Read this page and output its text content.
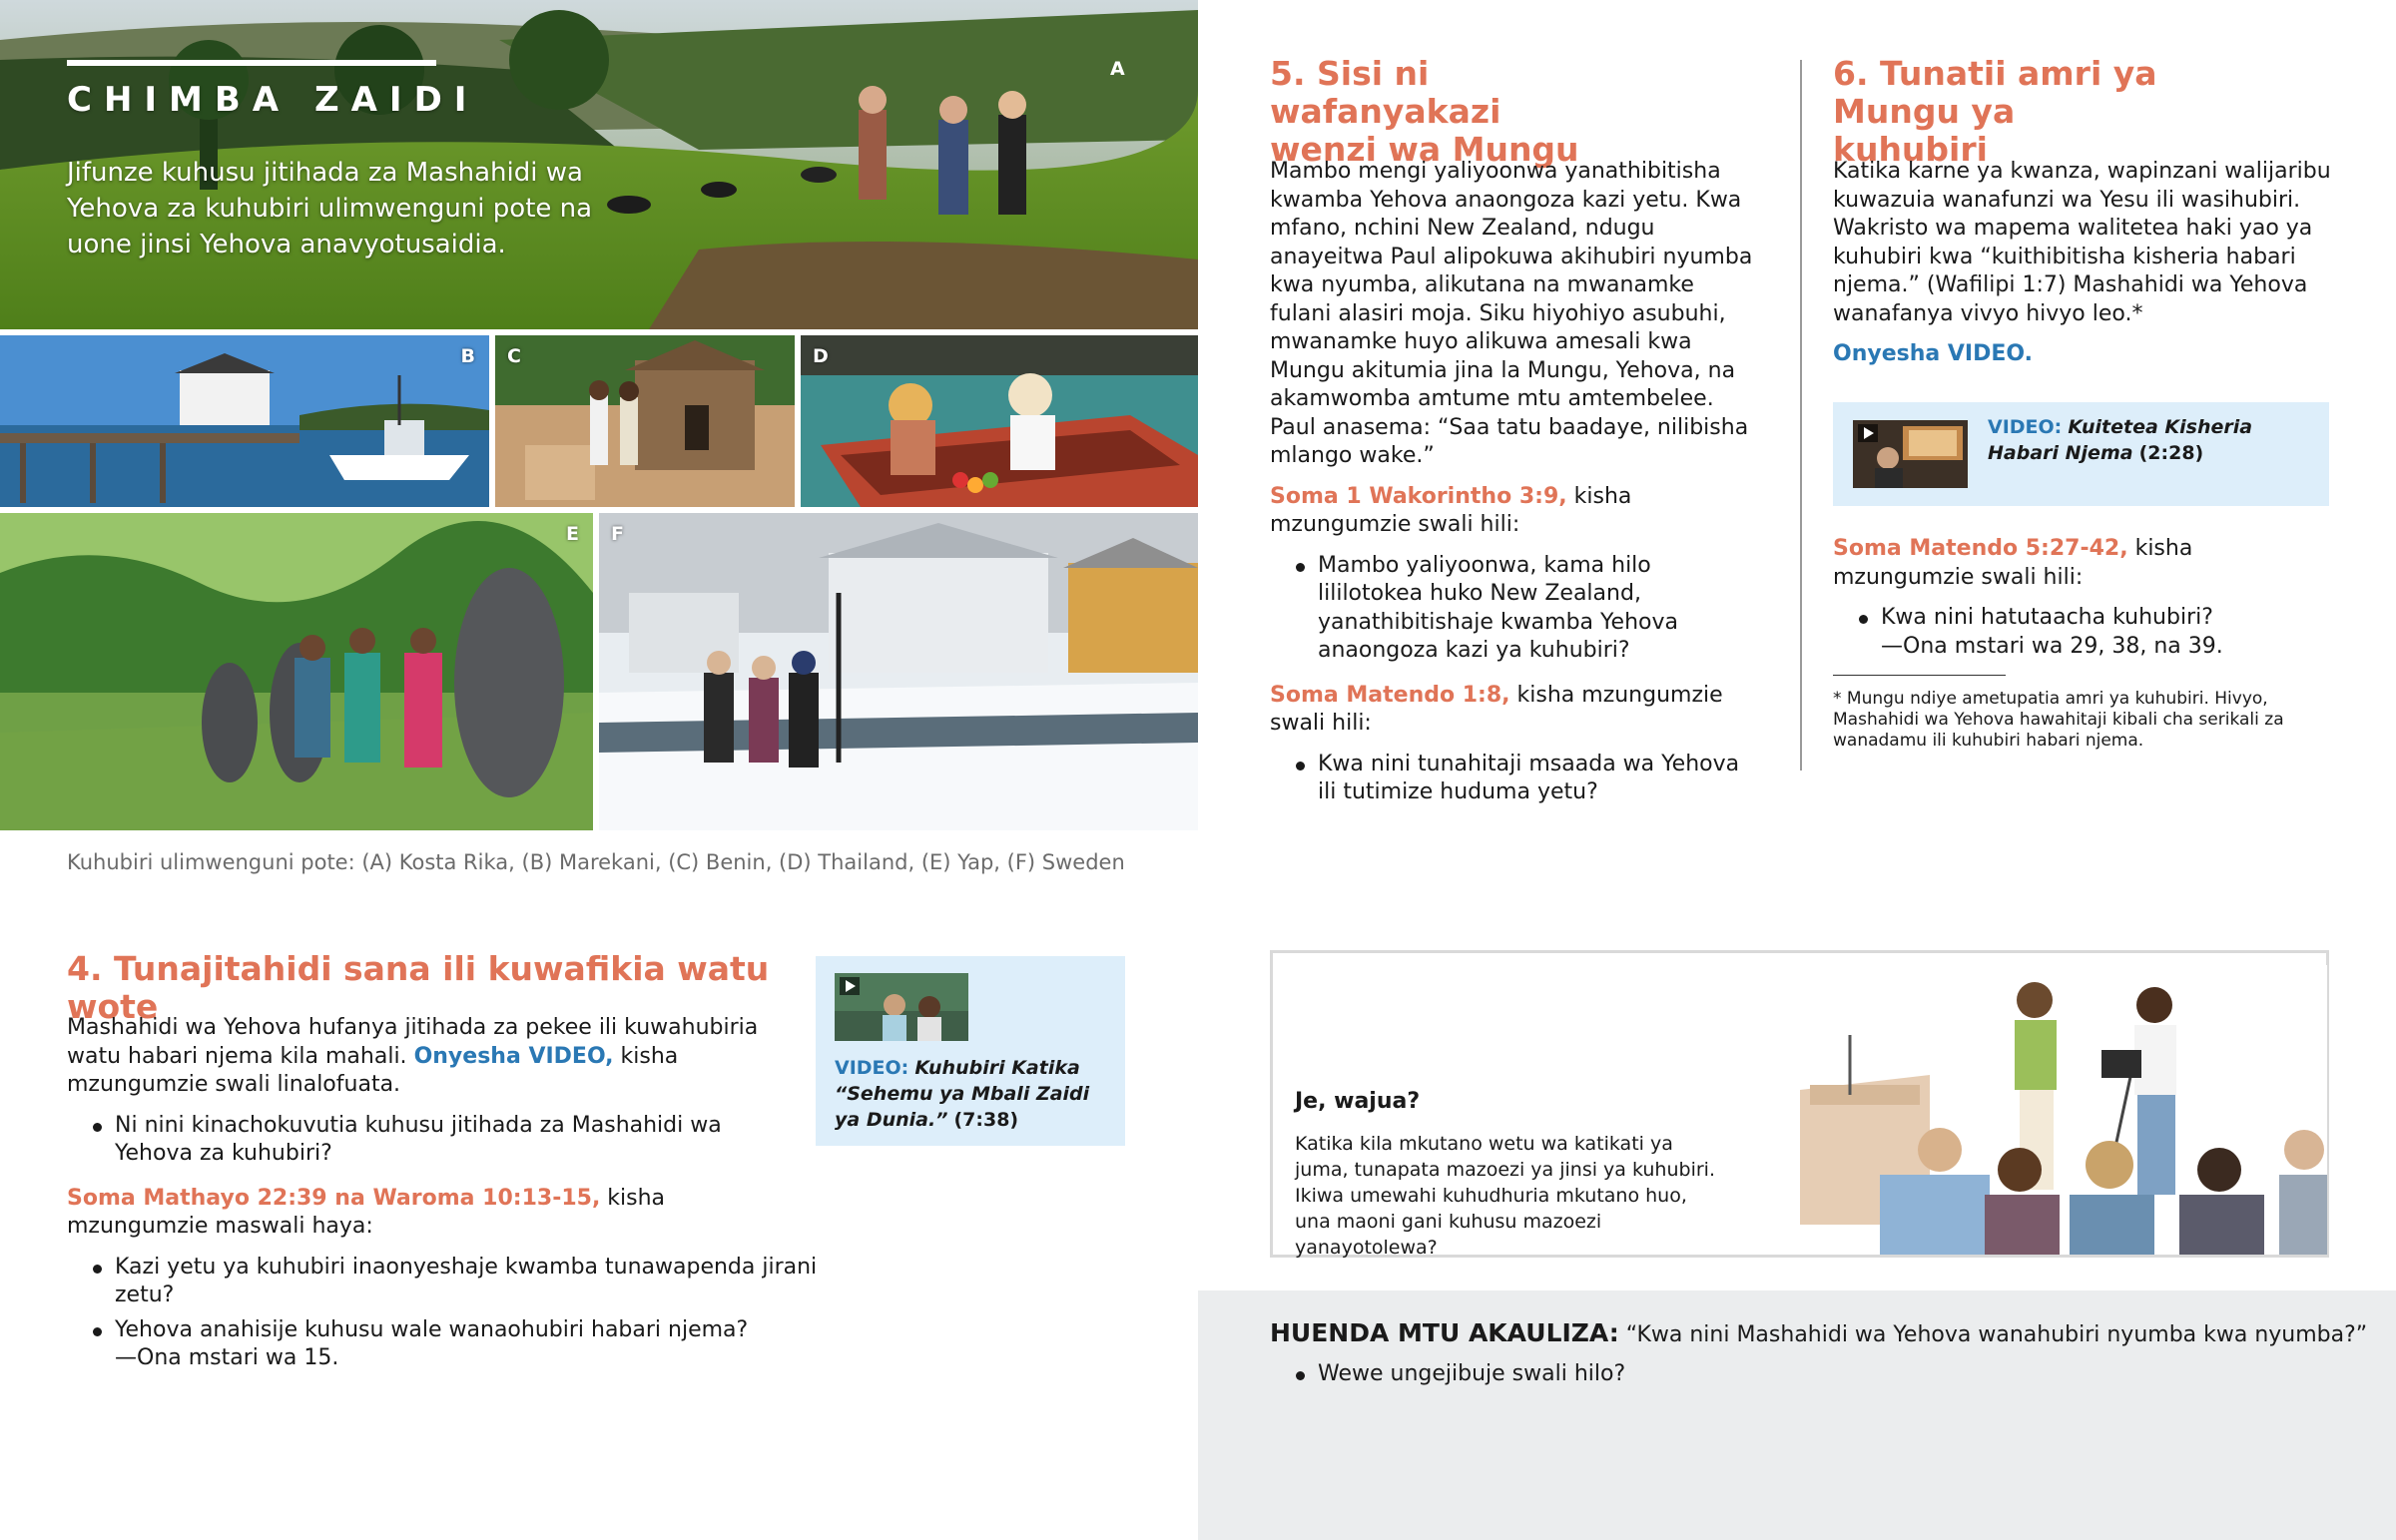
CHIMBA ZAIDI
Jifunze kuhusu jitihada za Mashahidi wa Yehova za kuhubiri ulimwenguni pote na uone jinsi Yehova anavyotusaidia.
A
B C	D
E F
Kuhubiri ulimwenguni pote: (A) Kosta Rika, (B) Marekani, (C) Benin, (D) Thailand, (E) Yap, (F) Sweden
4. Tunajitahidi sana ili kuwafikia watu wote

Mashahidi wa Yehova hufanya jitihada za pekee ili kuwahubiria watu habari njema kila mahali. Onyesha VIDEO, kisha mzungumzie swali linalofuata.

Ni nini kinachokuvutia kuhusu jitihada za Mashahidi wa Yehova za kuhubiri?

Soma Mathayo 22:39 na Waroma 10:13-15, kisha mzungumzie maswali haya:

Kazi yetu ya kuhubiri inaonyeshaje kwamba tunawapenda jirani zetu?
Yehova anahisije kuhusu wale wanaohubiri habari njema?
—Ona mstari wa 15.
VIDEO: Kuhubiri Katika “Sehemu ya Mbali Zaidi ya Dunia.” (7:38)
5. Sisi ni wafanyakazi wenzi wa Mungu

Mambo mengi yaliyoonwa yanathibitisha kwamba Yehova anaongoza kazi yetu. Kwa mfano, nchini New Zealand, ndugu anayeitwa Paul alipokuwa akihubiri nyumba kwa nyumba, alikutana na mwanamke fulani alasiri moja. Siku hiyohiyo asubuhi, mwanamke huyo alikuwa amesali kwa Mungu akitumia jina la Mungu, Yehova, na akamwomba amtume mtu amtembelee. Paul anasema: “Saa tatu baadaye, nilibisha mlango wake.”

Soma 1 Wakorintho 3:9, kisha mzungumzie swali hili:

Mambo yaliyoonwa, kama hilo lililotokea huko New Zealand, yanathibitishaje kwamba Yehova anaongoza kazi ya kuhubiri?

Soma Matendo 1:8, kisha mzungumzie swali hili:

Kwa nini tunahitaji msaada wa Yehova ili tutimize huduma yetu?
6. Tunatii amri ya Mungu ya kuhubiri

Katika karne ya kwanza, wapinzani walijaribu kuwazuia wanafunzi wa Yesu ili wasihubiri. Wakristo wa mapema walitetea haki yao ya kuhubiri kwa “kuithibitisha kisheria habari njema.” (Wafilipi 1:7) Mashahidi wa Yehova wanafanya vivyo hivyo leo.*

Onyesha VIDEO.

VIDEO: Kuitetea Kisheria Habari Njema (2:28)

Soma Matendo 5:27-42, kisha mzungumzie swali hili:

Kwa nini hatutaacha kuhubiri?
—Ona mstari wa 29, 38, na 39.
* Mungu ndiye ametupatia amri ya kuhubiri. Hivyo, Mashahidi wa Yehova hawahitaji kibali cha serikali za wanadamu ili kuhubiri habari njema.
Je, wajua?
Katika kila mkutano wetu wa katikati ya juma, tunapata mazoezi ya jinsi ya kuhubiri. Ikiwa umewahi kuhudhuria mkutano huo, una maoni gani kuhusu mazoezi yanayotolewa?
HUENDA MTU AKAULIZA: “Kwa nini Mashahidi wa Yehova wanahubiri nyumba kwa nyumba?”
Wewe ungejibuje swali hilo?
